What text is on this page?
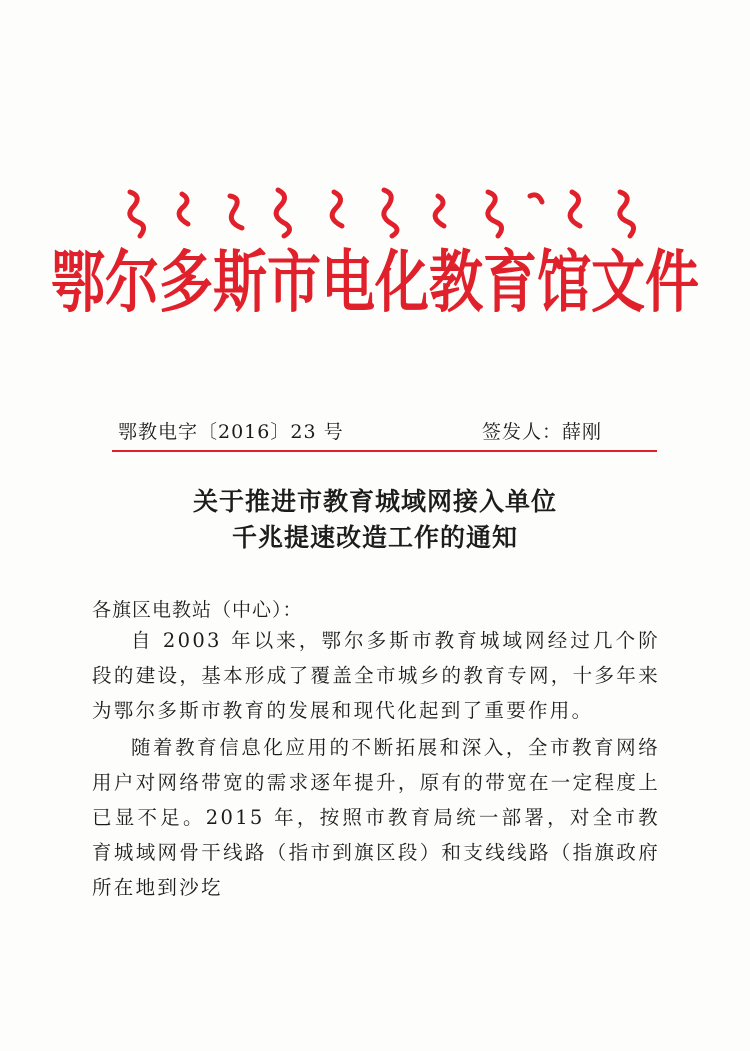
鄂尔多斯市电化教育馆文件
鄂教电字〔2016〕23 号	签发人：薛刚
关于推进市教育城域网接入单位
千兆提速改造工作的通知
各旗区电教站（中心）：

自 2003 年以来，鄂尔多斯市教育城域网经过几个阶段的建设，基本形成了覆盖全市城乡的教育专网，十多年来为鄂尔多斯市教育的发展和现代化起到了重要作用。

随着教育信息化应用的不断拓展和深入，全市教育网络用户对网络带宽的需求逐年提升，原有的带宽在一定程度上已显不足。2015 年，按照市教育局统一部署，对全市教育城域网骨干线路（指市到旗区段）和支线线路（指旗政府所在地到沙圪
